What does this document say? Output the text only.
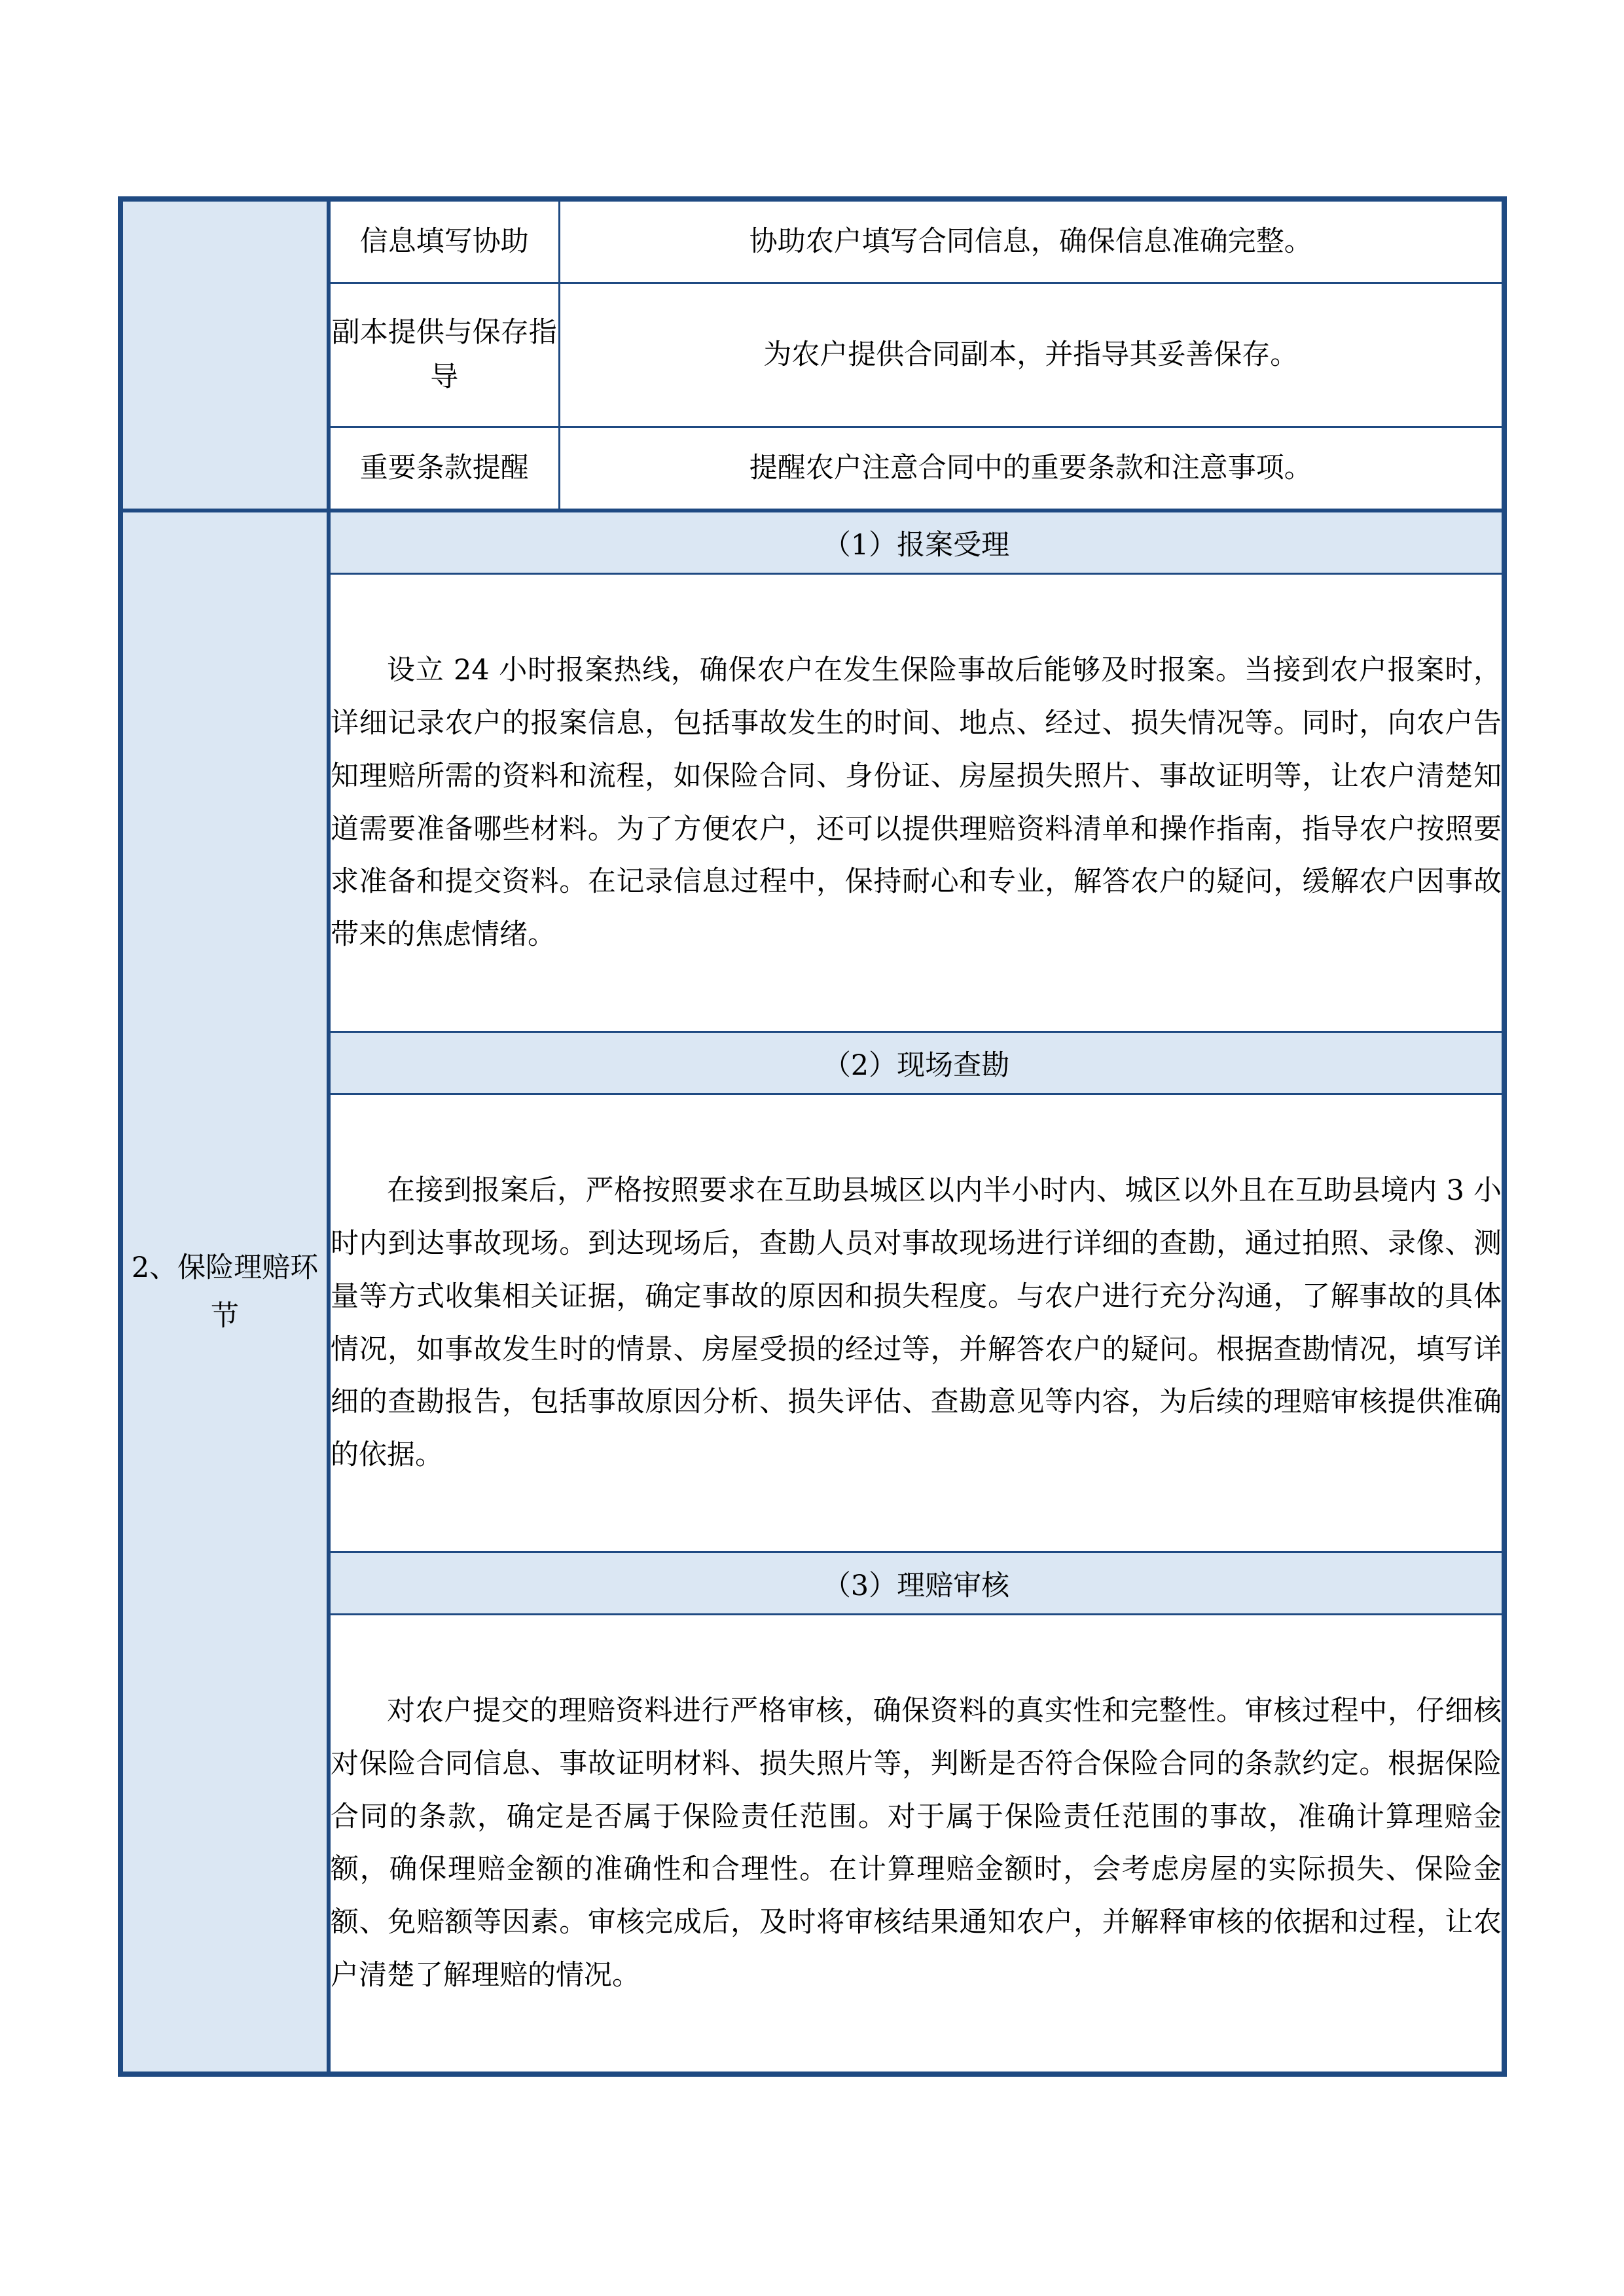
	信息填写协助	协助农户填写合同信息，确保信息准确完整。
	副本提供与保存指导	为农户提供合同副本，并指导其妥善保存。
	重要条款提醒	提醒农户注意合同中的重要条款和注意事项。
2、保险理赔环节	（1）报案受理	

	设立 24 小时报案热线，确保农户在发生保险事故后能够及时报案。当接到农户报案时，详细记录农户的报案信息，包括事故发生的时间、地点、经过、损失情况等。同时，向农户告知理赔所需的资料和流程，如保险合同、身份证、房屋损失照片、事故证明等，让农户清楚知道需要准备哪些材料。为了方便农户，还可以提供理赔资料清单和操作指南，指导农户按照要求准备和提交资料。在记录信息过程中，保持耐心和专业，解答农户的疑问，缓解农户因事故带来的焦虑情绪。	

	（2）现场查勘	

	在接到报案后，严格按照要求在互助县城区以内半小时内、城区以外且在互助县境内 3 小时内到达事故现场。到达现场后，查勘人员对事故现场进行详细的查勘，通过拍照、录像、测量等方式收集相关证据，确定事故的原因和损失程度。与农户进行充分沟通，了解事故的具体情况，如事故发生时的情景、房屋受损的经过等，并解答农户的疑问。根据查勘情况，填写详细的查勘报告，包括事故原因分析、损失评估、查勘意见等内容，为后续的理赔审核提供准确的依据。	

	（3）理赔审核	

	对农户提交的理赔资料进行严格审核，确保资料的真实性和完整性。审核过程中，仔细核对保险合同信息、事故证明材料、损失照片等，判断是否符合保险合同的条款约定。根据保险合同的条款，确定是否属于保险责任范围。对于属于保险责任范围的事故，准确计算理赔金额，确保理赔金额的准确性和合理性。在计算理赔金额时，会考虑房屋的实际损失、保险金额、免赔额等因素。审核完成后，及时将审核结果通知农户，并解释审核的依据和过程，让农户清楚了解理赔的情况。	
